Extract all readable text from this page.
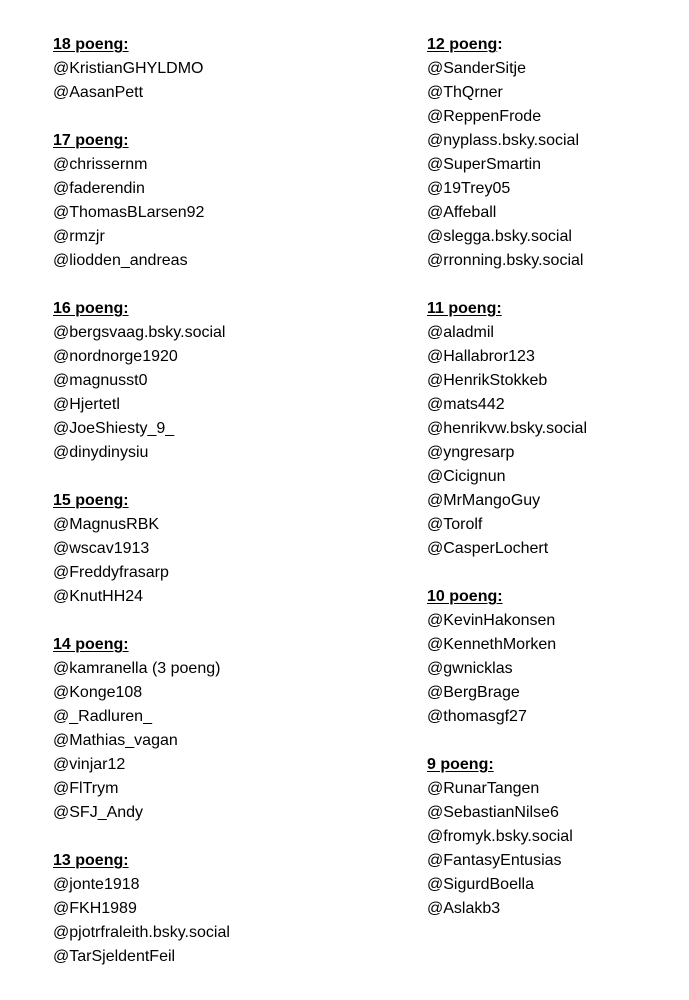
18 poeng:
@KristianGHYLDMO
@AasanPett
17 poeng:
@chrissernm
@faderendin
@ThomasBLarsen92
@rmzjr
@liodden_andreas
16 poeng:
@bergsvaag.bsky.social
@nordnorge1920
@magnusst0
@Hjertetl
@JoeShiesty_9_
@dinydinysiu
15 poeng:
@MagnusRBK
@wscav1913
@Freddyfrasarp
@KnutHH24
14 poeng:
@kamranella (3 poeng)
@Konge108
@_Radluren_
@Mathias_vagan
@vinjar12
@FlTrym
@SFJ_Andy
13 poeng:
@jonte1918
@FKH1989
@pjotrfraleith.bsky.social
@TarSjeldentFeil
12 poeng:
@SanderSitje
@ThQrner
@ReppenFrode
@nyplass.bsky.social
@SuperSmartin
@19Trey05
@Affeball
@slegga.bsky.social
@rronning.bsky.social
11 poeng:
@aladmil
@Hallabror123
@HenrikStokkeb
@mats442
@henrikvw.bsky.social
@yngresarp
@Cicignun
@MrMangoGuy
@Torolf
@CasperLochert
10 poeng:
@KevinHakonsen
@KennethMorken
@gwnicklas
@BergBrage
@thomasgf27
9 poeng:
@RunarTangen
@SebastianNilse6
@fromyk.bsky.social
@FantasyEntusias
@SigurdBoella
@Aslakb3
